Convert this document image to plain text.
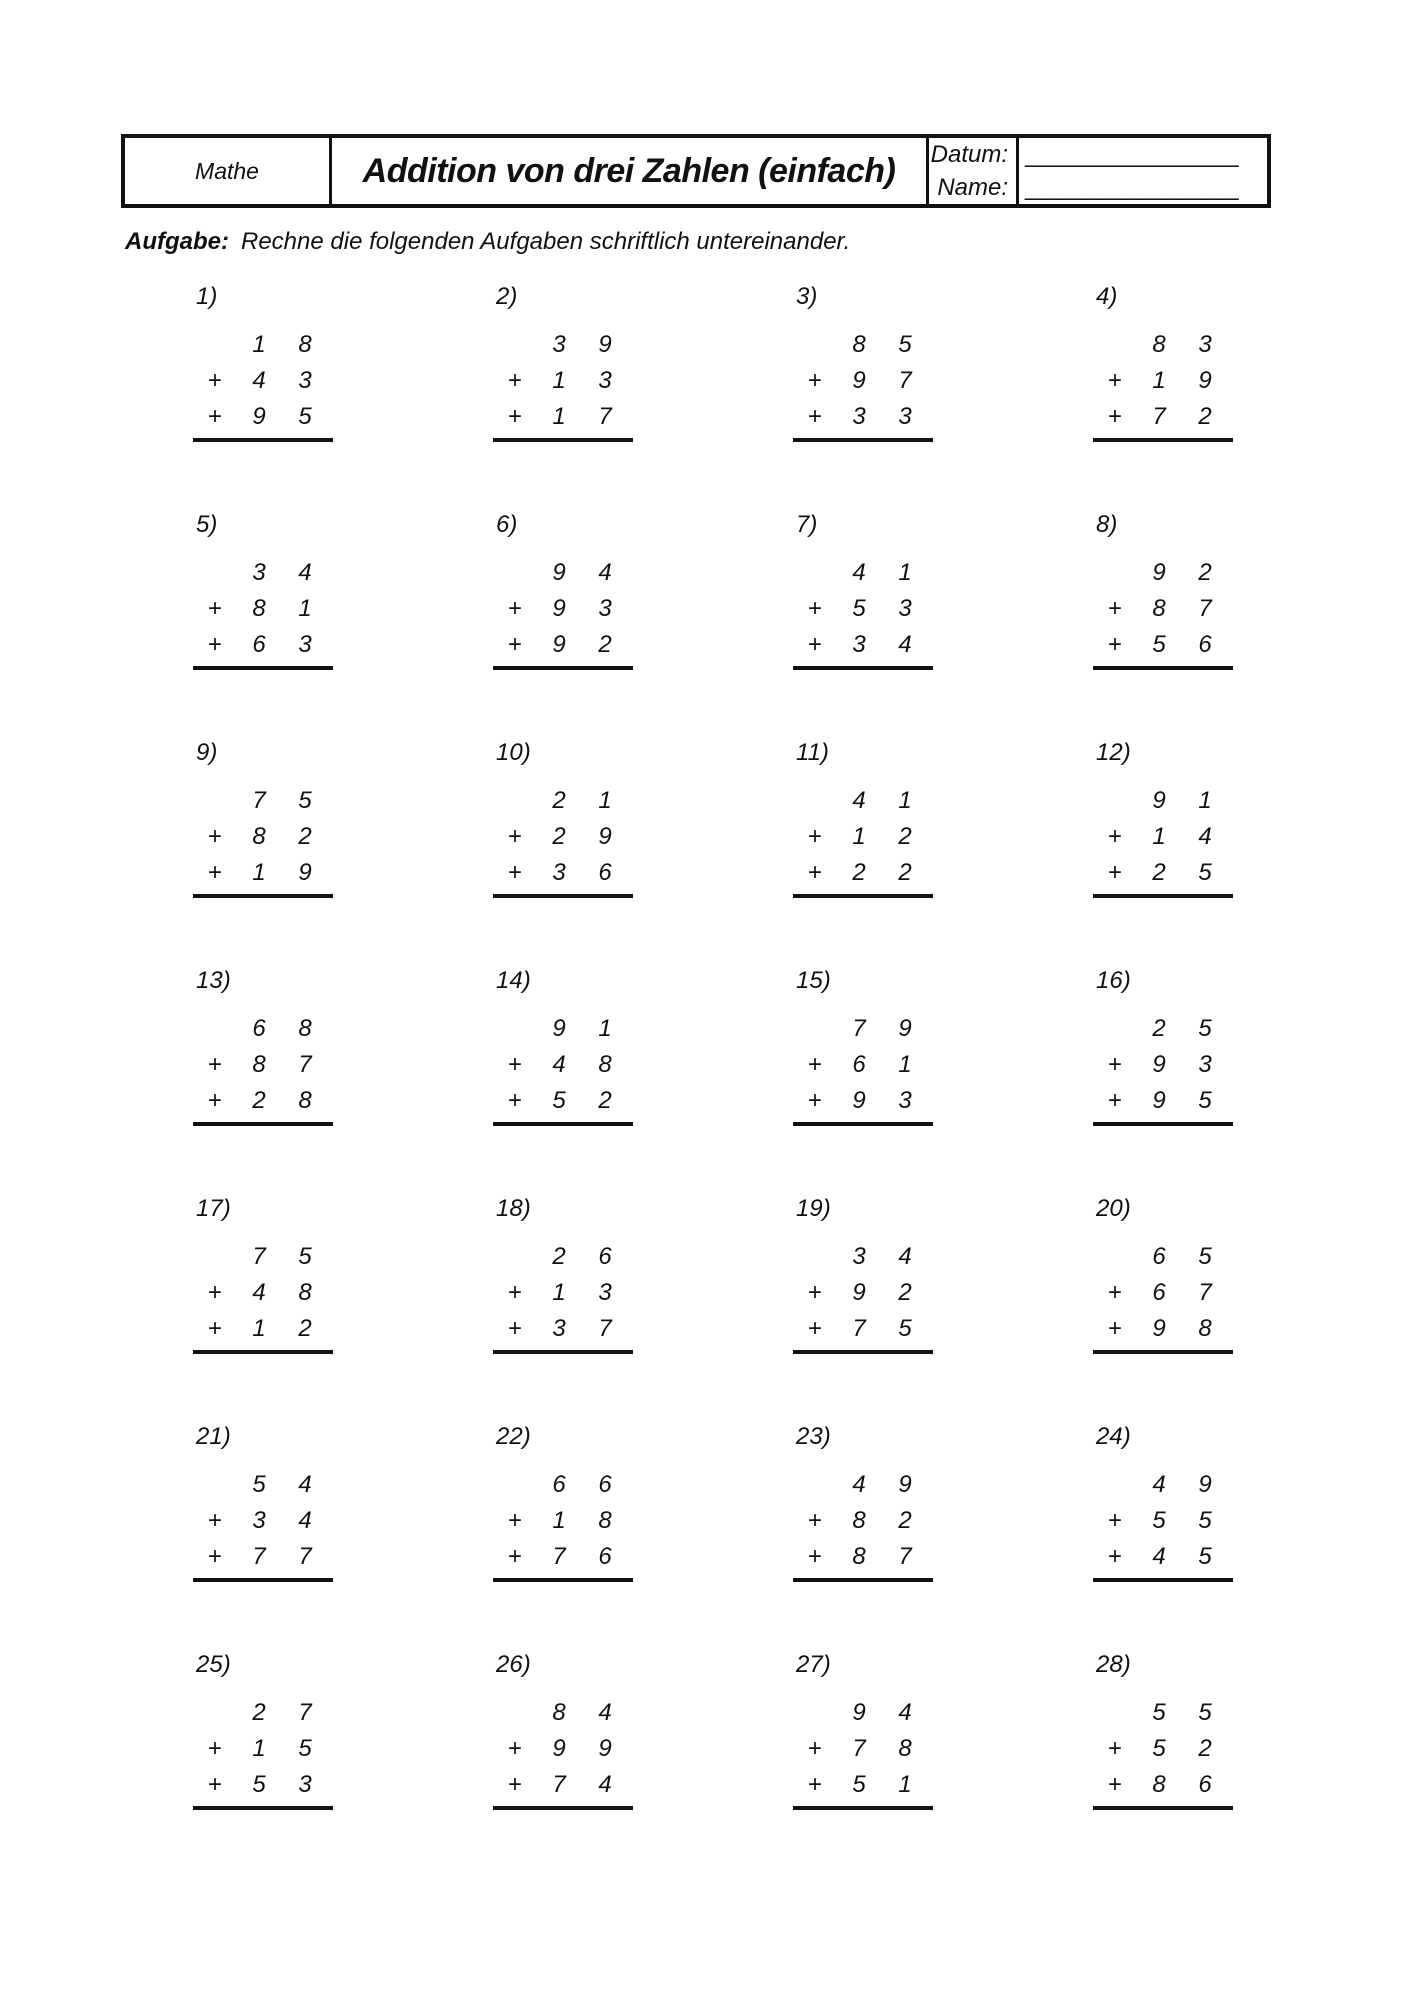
Mathe	Addition von drei Zahlen (einfach)	Datum:
Name:
________________
________________
Aufgabe: Rechne die folgenden Aufgaben schriftlich untereinander.
1)
1 8
+ 4 3
+ 9 5
2)
3 9
+ 1 3
+ 1 7
3)
8 5
+ 9 7
+ 3 3
4)
8 3
+ 1 9
+ 7 2
5)
3 4
+ 8 1
+ 6 3
6)
9 4
+ 9 3
+ 9 2
7)
4 1
+ 5 3
+ 3 4
8)
9 2
+ 8 7
+ 5 6
9)
7 5
+ 8 2
+ 1 9
10)
2 1
+ 2 9
+ 3 6
11)
4 1
+ 1 2
+ 2 2
12)
9 1
+ 1 4
+ 2 5
13)
6 8
+ 8 7
+ 2 8
14)
9 1
+ 4 8
+ 5 2
15)
7 9
+ 6 1
+ 9 3
16)
2 5
+ 9 3
+ 9 5
17)
7 5
+ 4 8
+ 1 2
18)
2 6
+ 1 3
+ 3 7
19)
3 4
+ 9 2
+ 7 5
20)
6 5
+ 6 7
+ 9 8
21)
5 4
+ 3 4
+ 7 7
22)
6 6
+ 1 8
+ 7 6
23)
4 9
+ 8 2
+ 8 7
24)
4 9
+ 5 5
+ 4 5
25)
2 7
+ 1 5
+ 5 3
26)
8 4
+ 9 9
+ 7 4
27)
9 4
+ 7 8
+ 5 1
28)
5 5
+ 5 2
+ 8 6
